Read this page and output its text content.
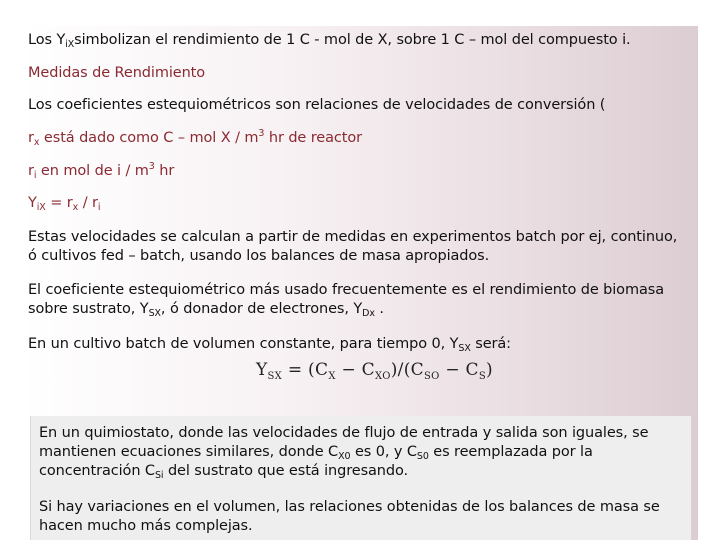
Los $Y_{iX}simbolizan$ el rendimiento de 1 C - mol de X, sobre 1 C – mol del compuesto i.
Medidas de Rendimiento
Los coeficientes estequiométricos son relaciones de velocidades de conversión (
$r_x$ está dado como C – mol X / $m^3$ hr de reactor
$r_i$ en mol de i / $m^3$ hr
$Y_{iX} = r_x / r_i$
Estas velocidades se calculan a partir de medidas en experimentos batch por ej, continuo, ó cultivos fed – batch, usando los balances de masa apropiados.
El coeficiente estequiométrico más usado frecuentemente es el rendimiento de biomasa sobre sustrato, $Y_{SX}$, ó donador de electrones, $Y_{Dx}$ .
En un cultivo batch de volumen constante, para tiempo 0, $Y_{SX}$ será:
$Y_{SX} = (C_X - C_{XO})/(C_{SO} - C_S)$
En un quimiostato, donde las velocidades de flujo de entrada y salida son iguales, se mantienen ecuaciones similares, donde $C_{X0}$ es 0, y $C_{S0}$ es reemplazada por la concentración $C_{Si}$ del sustrato que está ingresando.
Si hay variaciones en el volumen, las relaciones obtenidas de los balances de masa se hacen mucho más complejas.
